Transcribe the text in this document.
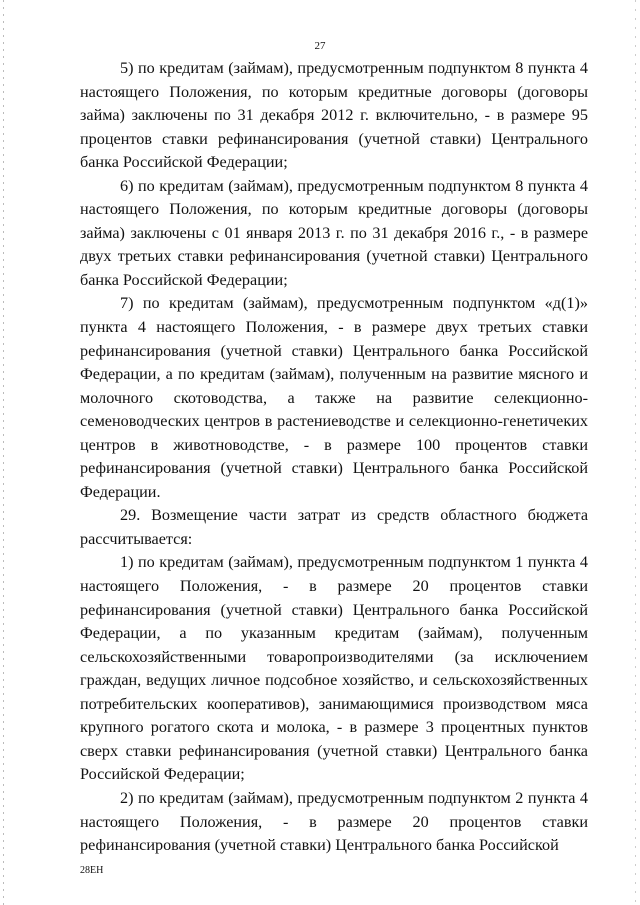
27

5) по кредитам (займам), предусмотренным подпунктом 8 пункта 4 настоящего Положения, по которым кредитные договоры (договоры займа) заключены по 31 декабря 2012 г. включительно, - в размере 95 процентов ставки рефинансирования (учетной ставки) Центрального банка Российской Федерации;

6) по кредитам (займам), предусмотренным подпунктом 8 пункта 4 настоящего Положения, по которым кредитные договоры (договоры займа) заключены с 01 января 2013 г. по 31 декабря 2016 г., - в размере двух третьих ставки рефинансирования (учетной ставки) Центрального банка Российской Федерации;

7) по кредитам (займам), предусмотренным подпунктом «д(1)» пункта 4 настоящего Положения, - в размере двух третьих ставки рефинансирования (учетной ставки) Центрального банка Российской Федерации, а по кредитам (займам), полученным на развитие мясного и молочного скотоводства, а также на развитие селекционно-семеноводческих центров в растениеводстве и селекционно-генетичеких центров в животноводстве, - в размере 100 процентов ставки рефинансирования (учетной ставки) Центрального банка Российской Федерации.

29. Возмещение части затрат из средств областного бюджета рассчитывается:

1) по кредитам (займам), предусмотренным подпунктом 1 пункта 4 настоящего Положения, - в размере 20 процентов ставки рефинансирования (учетной ставки) Центрального банка Российской Федерации, а по указанным кредитам (займам), полученным сельскохозяйственными товаропроизводителями (за исключением граждан, ведущих личное подсобное хозяйство, и сельскохозяйственных потребительских кооперативов), занимающимися производством мяса крупного рогатого скота и молока, - в размере 3 процентных пунктов сверх ставки рефинансирования (учетной ставки) Центрального банка Российской Федерации;

2) по кредитам (займам), предусмотренным подпунктом 2 пункта 4 настоящего Положения, - в размере 20 процентов ставки рефинансирования (учетной ставки) Центрального банка Российской

28ЕН
